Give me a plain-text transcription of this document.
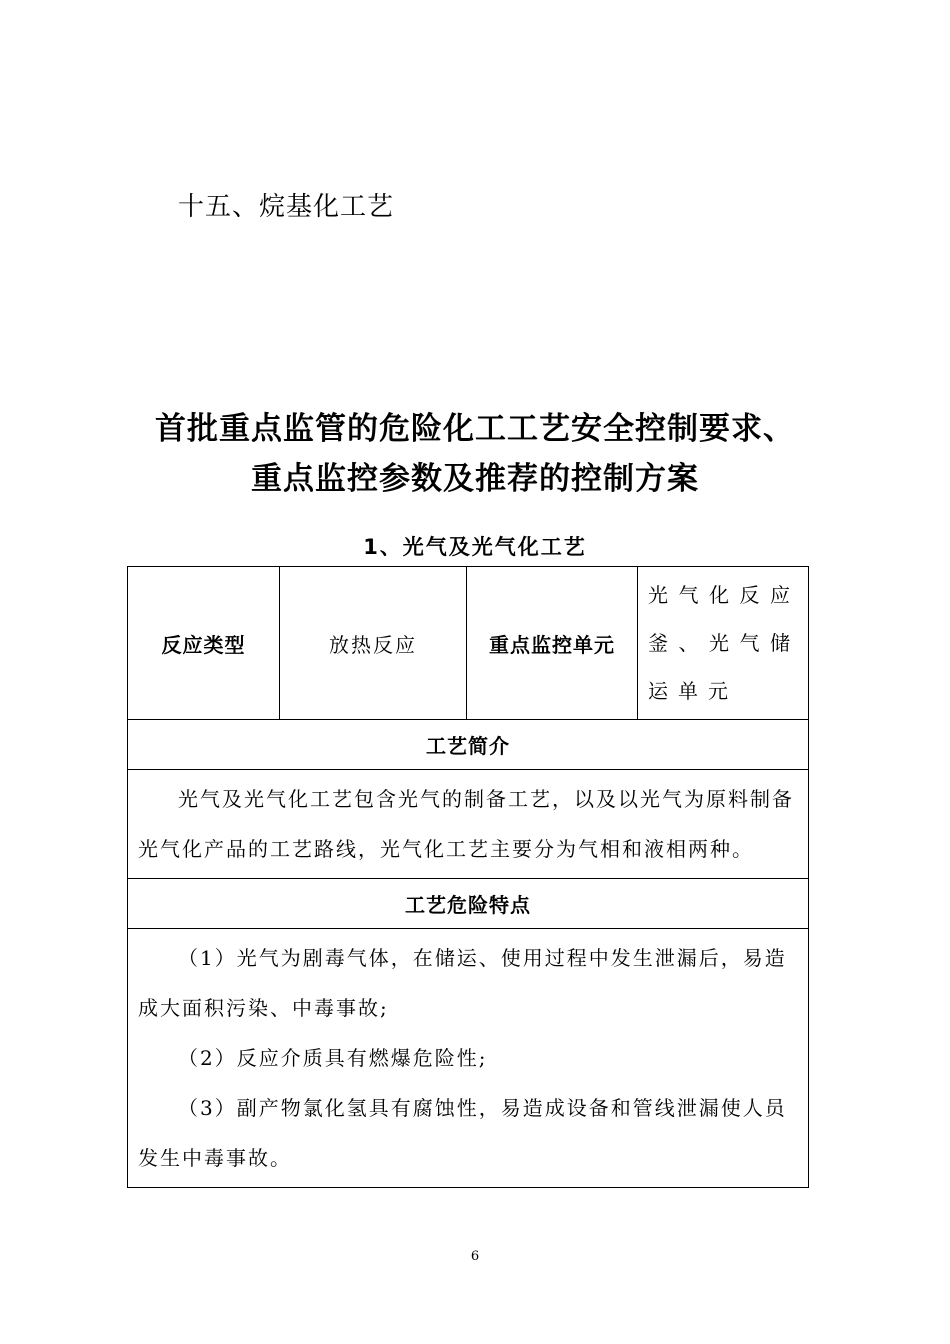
十五、烷基化工艺
首批重点监管的危险化工工艺安全控制要求、
重点监控参数及推荐的控制方案
1、光气及光气化工艺
反应类型	放热反应	重点监控单元	光气化反应釜、光气储运单元
工艺简介

光气及光气化工艺包含光气的制备工艺，以及以光气为原料制备光气化产品的工艺路线，光气化工艺主要分为气相和液相两种。

工艺危险特点

（1）光气为剧毒气体，在储运、使用过程中发生泄漏后，易造成大面积污染、中毒事故;

（2）反应介质具有燃爆危险性;

（3）副产物氯化氢具有腐蚀性，易造成设备和管线泄漏使人员发生中毒事故。

6
